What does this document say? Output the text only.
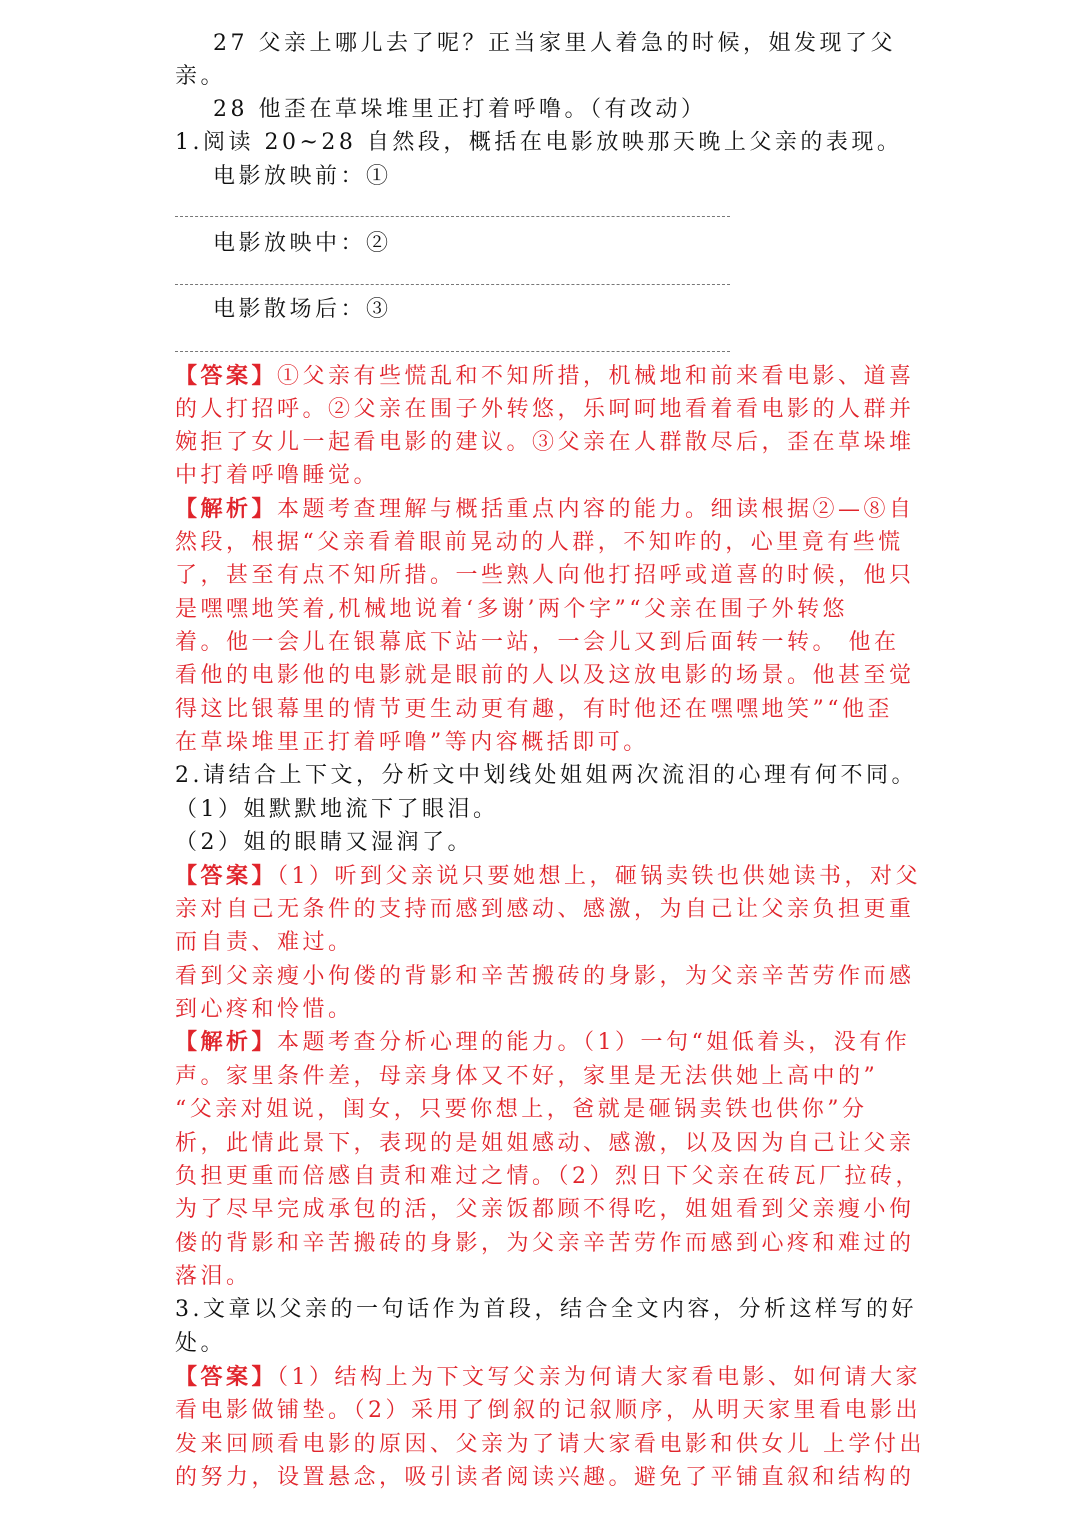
27 父亲上哪儿去了呢？正当家里人着急的时候，姐发现了父

亲。

28 他歪在草垛堆里正打着呼噜。（有改动）

1.阅读 20~28 自然段，概括在电影放映那天晚上父亲的表现。

电影放映前：①

电影放映中：②

电影散场后：③

【答案】①父亲有些慌乱和不知所措，机械地和前来看电影、道喜

的人打招呼。②父亲在围子外转悠，乐呵呵地看着看电影的人群并

婉拒了女儿一起看电影的建议。③父亲在人群散尽后，歪在草垛堆

中打着呼噜睡觉。

【解析】本题考查理解与概括重点内容的能力。细读根据②—⑧自

然段，根据“父亲看着眼前晃动的人群，不知咋的，心里竟有些慌

了，甚至有点不知所措。一些熟人向他打招呼或道喜的时候，他只

是嘿嘿地笑着,机械地说着‘多谢’两个字”“父亲在围子外转悠

着。他一会儿在银幕底下站一站，一会儿又到后面转一转。 他在

看他的电影他的电影就是眼前的人以及这放电影的场景。他甚至觉

得这比银幕里的情节更生动更有趣，有时他还在嘿嘿地笑”“他歪

在草垛堆里正打着呼噜”等内容概括即可。

2.请结合上下文，分析文中划线处姐姐两次流泪的心理有何不同。

（1）姐默默地流下了眼泪。

（2）姐的眼睛又湿润了。

【答案】（1）听到父亲说只要她想上，砸锅卖铁也供她读书，对父

亲对自己无条件的支持而感到感动、感激，为自己让父亲负担更重

而自责、难过。

看到父亲瘦小佝偻的背影和辛苦搬砖的身影，为父亲辛苦劳作而感

到心疼和怜惜。

【解析】本题考查分析心理的能力。（1）一句“姐低着头，没有作

声。家里条件差，母亲身体又不好，家里是无法供她上高中的”

“父亲对姐说，闺女，只要你想上，爸就是砸锅卖铁也供你”分

析，此情此景下，表现的是姐姐感动、感激，以及因为自己让父亲

负担更重而倍感自责和难过之情。（2）烈日下父亲在砖瓦厂拉砖，

为了尽早完成承包的活，父亲饭都顾不得吃，姐姐看到父亲瘦小佝

偻的背影和辛苦搬砖的身影，为父亲辛苦劳作而感到心疼和难过的

落泪。

3.文章以父亲的一句话作为首段，结合全文内容，分析这样写的好

处。

【答案】（1）结构上为下文写父亲为何请大家看电影、如何请大家

看电影做铺垫。（2）采用了倒叙的记叙顺序，从明天家里看电影出

发来回顾看电影的原因、父亲为了请大家看电影和供女儿 上学付出

的努力，设置悬念，吸引读者阅读兴趣。避免了平铺直叙和结构的
